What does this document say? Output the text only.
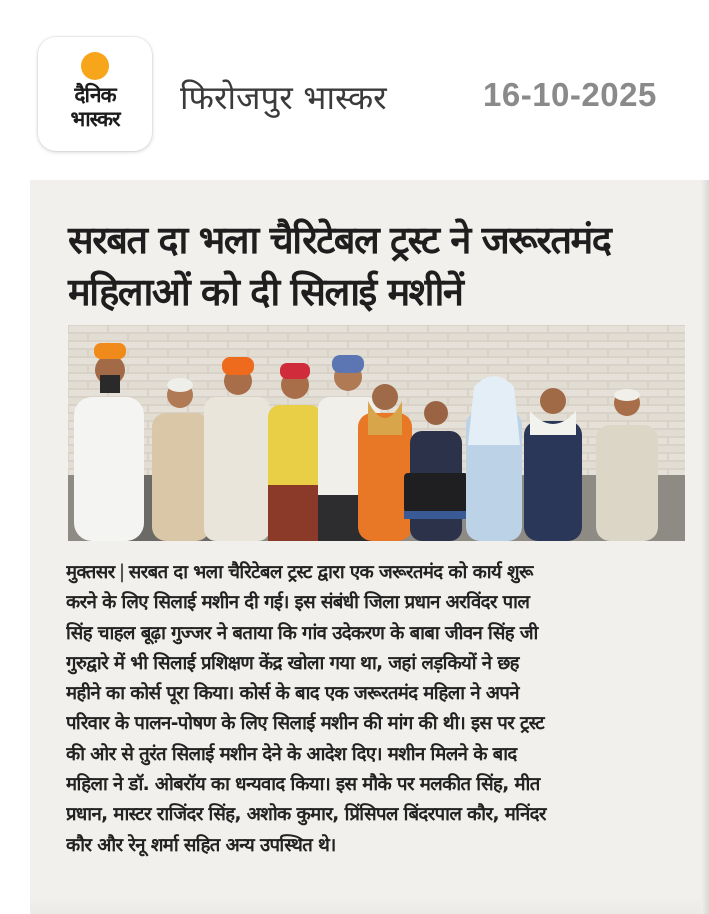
दैनिक
भास्कर
फिरोजपुर भास्कर	16-10-2025
सरबत दा भला चैरिटेबल ट्रस्ट ने जरूरतमंद
महिलाओं को दी सिलाई मशीनें
मुक्तसर | सरबत दा भला चैरिटेबल ट्रस्ट द्वारा एक जरूरतमंद को कार्य शुरू
करने के लिए सिलाई मशीन दी गई। इस संबंधी जिला प्रधान अरविंदर पाल
सिंह चाहल बूढ़ा गुज्जर ने बताया कि गांव उदेकरण के बाबा जीवन सिंह जी
गुरुद्वारे में भी सिलाई प्रशिक्षण केंद्र खोला गया था, जहां लड़कियों ने छह
महीने का कोर्स पूरा किया। कोर्स के बाद एक जरूरतमंद महिला ने अपने
परिवार के पालन-पोषण के लिए सिलाई मशीन की मांग की थी। इस पर ट्रस्ट
की ओर से तुरंत सिलाई मशीन देने के आदेश दिए। मशीन मिलने के बाद
महिला ने डॉ. ओबरॉय का धन्यवाद किया। इस मौके पर मलकीत सिंह, मीत
प्रधान, मास्टर राजिंदर सिंह, अशोक कुमार, प्रिंसिपल बिंदरपाल कौर, मनिंदर
कौर और रेनू शर्मा सहित अन्य उपस्थित थे।
